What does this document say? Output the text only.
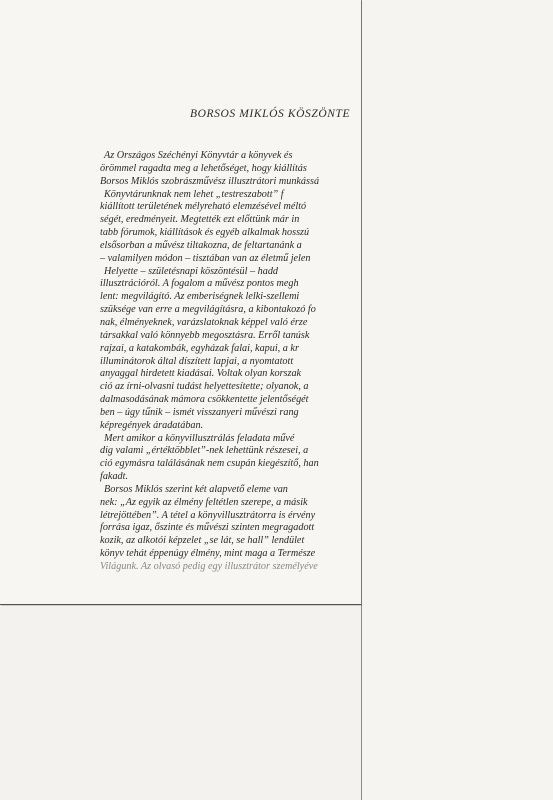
BORSOS MIKLÓS KÖSZÖNTE
Az Országos Széchényi Könyvtár a könyvek és
örömmel ragadta meg a lehetőséget, hogy kiállítás
Borsos Miklós szobrászművész illusztrátori munkássá
Könyvtárunknak nem lehet „testreszabott” f
kiállított területének mélyreható elemzésével méltó
ségét, eredményeit. Megtették ezt előttünk már in
tabb fórumok, kiállítások és egyéb alkalmak hosszú
elsősorban a művész tiltakozna, de feltartanánk a
– valamilyen módon – tisztában van az életmű jelen
Helyette – születésnapi köszöntésül – hadd
illusztrációról. A fogalom a művész pontos megh
lent: megvilágító. Az emberiségnek lelki-szellemi
szüksége van erre a megvilágításra, a kibontakozó fo
nak, élményeknek, varázslatoknak képpel való érze
társakkal való könnyebb megosztásra. Erről tanúsk
rajzai, a katakombák, egyházak falai, kapui, a kr
illuminátorok által díszített lapjai, a nyomtatott
anyaggal hirdetett kiadásai. Voltak olyan korszak
ció az írni-olvasni tudást helyettesítette; olyanok, a
dalmasodásának mámora csökkentette jelentőségét
ben – úgy tűnik – ismét visszanyeri művészi rang
képregények áradatában.
Mert amikor a könyvillusztrálás feladata művé
dig valami „értéktöbblet”-nek lehettünk részesei, a
ció egymásra találásának nem csupán kiegészítő, han
fakadt.
Borsos Miklós szerint két alapvető eleme van
nek: „Az egyik az élmény feltétlen szerepe, a másik
létrejöttében”. A tétel a könyvillusztrátorra is érvény
forrása igaz, őszinte és művészi szinten megragadott
kozik, az alkotói képzelet „se lát, se hall” lendület
könyv tehát éppenúgy élmény, mint maga a Természe
Világunk. Az olvasó pedig egy illusztrátor személyéve
